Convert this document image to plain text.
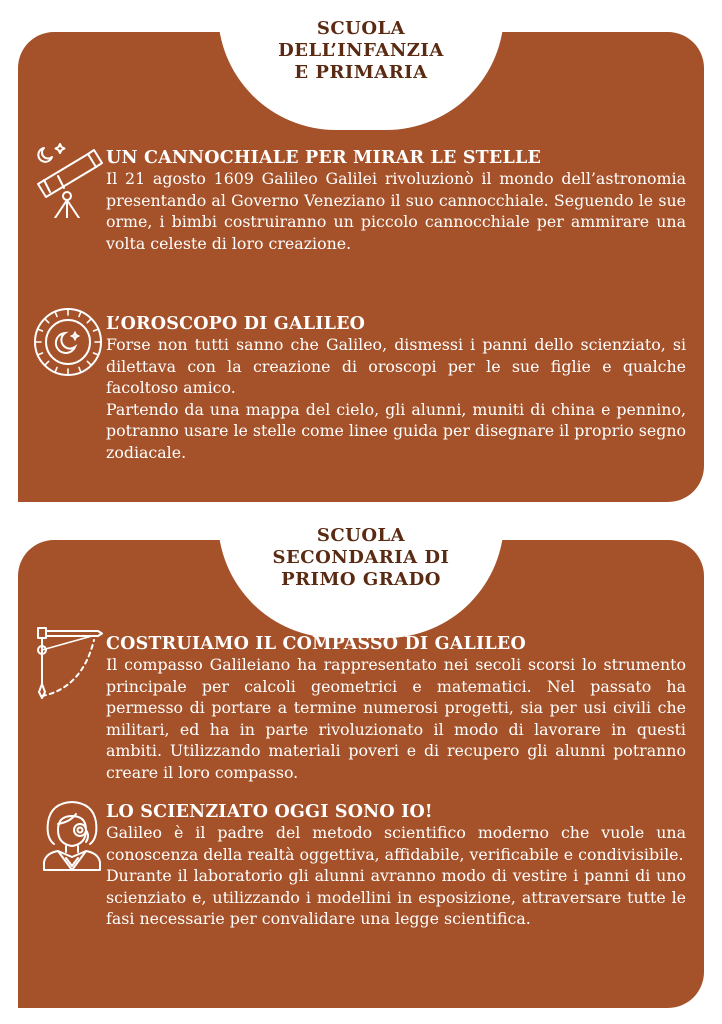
SCUOLA
DELL’INFANZIA
E PRIMARIA
UN CANNOCHIALE PER MIRAR LE STELLE

Il 21 agosto 1609 Galileo Galilei rivoluzionò il mondo dell’astronomia presentando al Governo Veneziano il suo cannocchiale. Seguendo le sue orme, i bimbi costruiranno un piccolo cannocchiale per ammirare una volta celeste di loro creazione.

L’OROSCOPO DI GALILEO

Forse non tutti sanno che Galileo, dismessi i panni dello scienziato, si dilettava con la creazione di oroscopi per le sue figlie e qualche facoltoso amico.

Partendo da una mappa del cielo, gli alunni, muniti di china e pennino, potranno usare le stelle come linee guida per disegnare il proprio segno zodiacale.

SCUOLA
SECONDARIA DI
PRIMO GRADO
COSTRUIAMO IL COMPASSO DI GALILEO

Il compasso Galileiano ha rappresentato nei secoli scorsi lo strumento principale per calcoli geometrici e matematici. Nel passato ha permesso di portare a termine numerosi progetti, sia per usi civili che militari, ed ha in parte rivoluzionato il modo di lavorare in questi ambiti. Utilizzando materiali poveri e di recupero gli alunni potranno creare il loro compasso.

LO SCIENZIATO OGGI SONO IO!

Galileo è il padre del metodo scientifico moderno che vuole una conoscenza della realtà oggettiva, affidabile, verificabile e condivisibile.

Durante il laboratorio gli alunni avranno modo di vestire i panni di uno scienziato e, utilizzando i modellini in esposizione, attraversare tutte le fasi necessarie per convalidare una legge scientifica.
